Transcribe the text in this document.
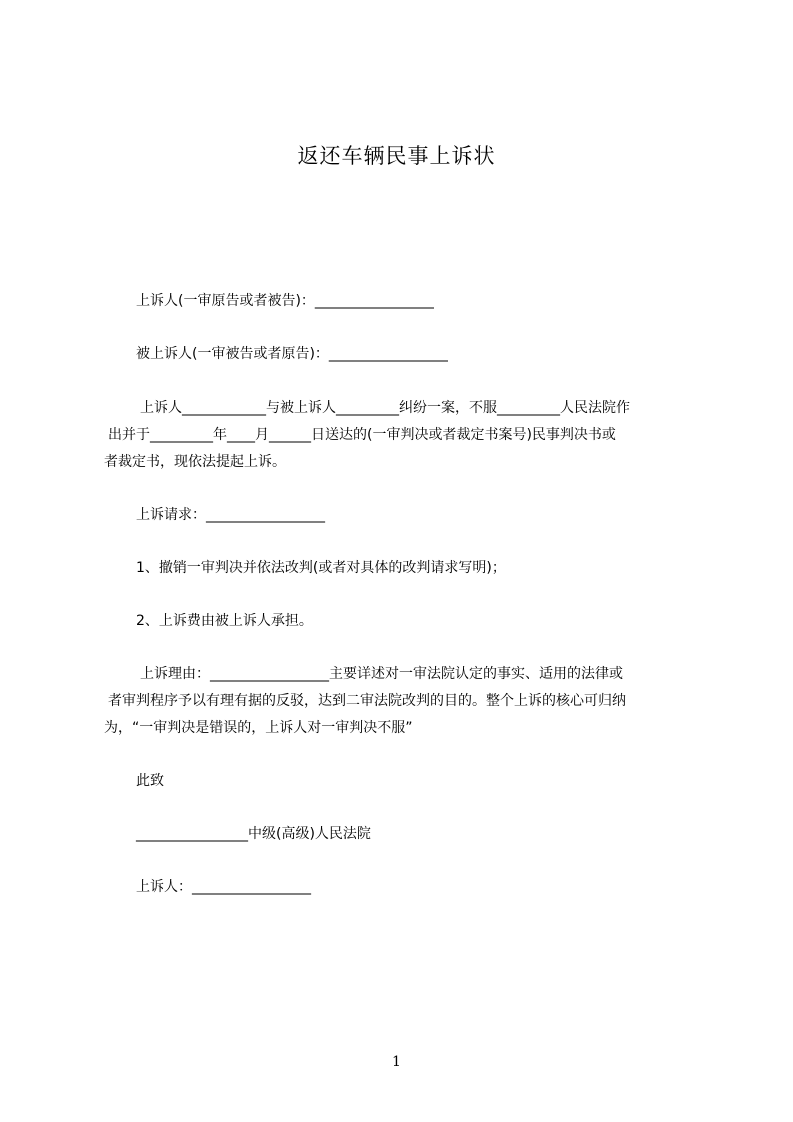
返还车辆民事上诉状
上诉人(一审原告或者被告)：_________________
被上诉人(一审被告或者原告)：_________________
上诉人____________与被上诉人_________纠纷一案，不服_________人民法院作
出并于_________年____月______日送达的(一审判决或者裁定书案号)民事判决书或
者裁定书，现依法提起上诉。
上诉请求：_________________
1、撤销一审判决并依法改判(或者对具体的改判请求写明)；
2、上诉费由被上诉人承担。
上诉理由：_________________主要详述对一审法院认定的事实、适用的法律或
者审判程序予以有理有据的反驳，达到二审法院改判的目的。整个上诉的核心可归纳
为，“一审判决是错误的，上诉人对一审判决不服”
此致
________________中级(高级)人民法院
上诉人：_________________
1
